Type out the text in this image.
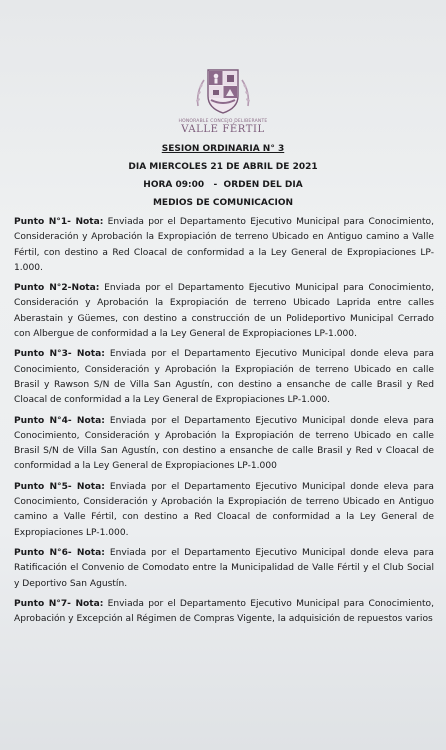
HONORABLE CONCEJO DELIBERANTE
VALLE FÉRTIL
SESION ORDINARIA N° 3
DIA MIERCOLES 21 DE ABRIL DE 2021
HORA 09:00   -  ORDEN DEL DIA
MEDIOS DE COMUNICACION
Punto N°1- Nota: Enviada por el Departamento Ejecutivo Municipal para Conocimiento, Consideración y Aprobación la Expropiación de terreno Ubicado en Antiguo camino a Valle Fértil, con destino a Red Cloacal de conformidad a la Ley General de Expropiaciones LP-1.000.
Punto N°2-Nota: Enviada por el Departamento Ejecutivo Municipal para Conocimiento, Consideración y Aprobación la Expropiación de terreno Ubicado Laprida entre calles Aberastain y Güemes, con destino a construcción de un Polideportivo Municipal Cerrado con Albergue de conformidad a la Ley General de Expropiaciones LP-1.000.
Punto N°3- Nota: Enviada por el Departamento Ejecutivo Municipal donde eleva para Conocimiento, Consideración y Aprobación la Expropiación de terreno Ubicado en calle Brasil y Rawson S/N de Villa San Agustín, con destino a ensanche de calle Brasil y Red Cloacal de conformidad a la Ley General de Expropiaciones LP-1.000.
Punto N°4- Nota: Enviada por el Departamento Ejecutivo Municipal donde eleva para Conocimiento, Consideración y Aprobación la Expropiación de terreno Ubicado en calle Brasil S/N de Villa San Agustín, con destino a ensanche de calle Brasil y Red v Cloacal de conformidad a la Ley General de Expropiaciones LP-1.000
Punto N°5- Nota: Enviada por el Departamento Ejecutivo Municipal donde eleva para Conocimiento, Consideración y Aprobación la Expropiación de terreno Ubicado en Antiguo camino a Valle Fértil, con destino a Red Cloacal de conformidad a la Ley General de Expropiaciones LP-1.000.
Punto N°6- Nota: Enviada por el Departamento Ejecutivo Municipal donde eleva para Ratificación el Convenio de Comodato entre la Municipalidad de Valle Fértil y el Club Social y Deportivo San Agustín.
Punto N°7- Nota: Enviada por el Departamento Ejecutivo Municipal para Conocimiento, Aprobación y Excepción al Régimen de Compras Vigente, la adquisición de repuestos varios
